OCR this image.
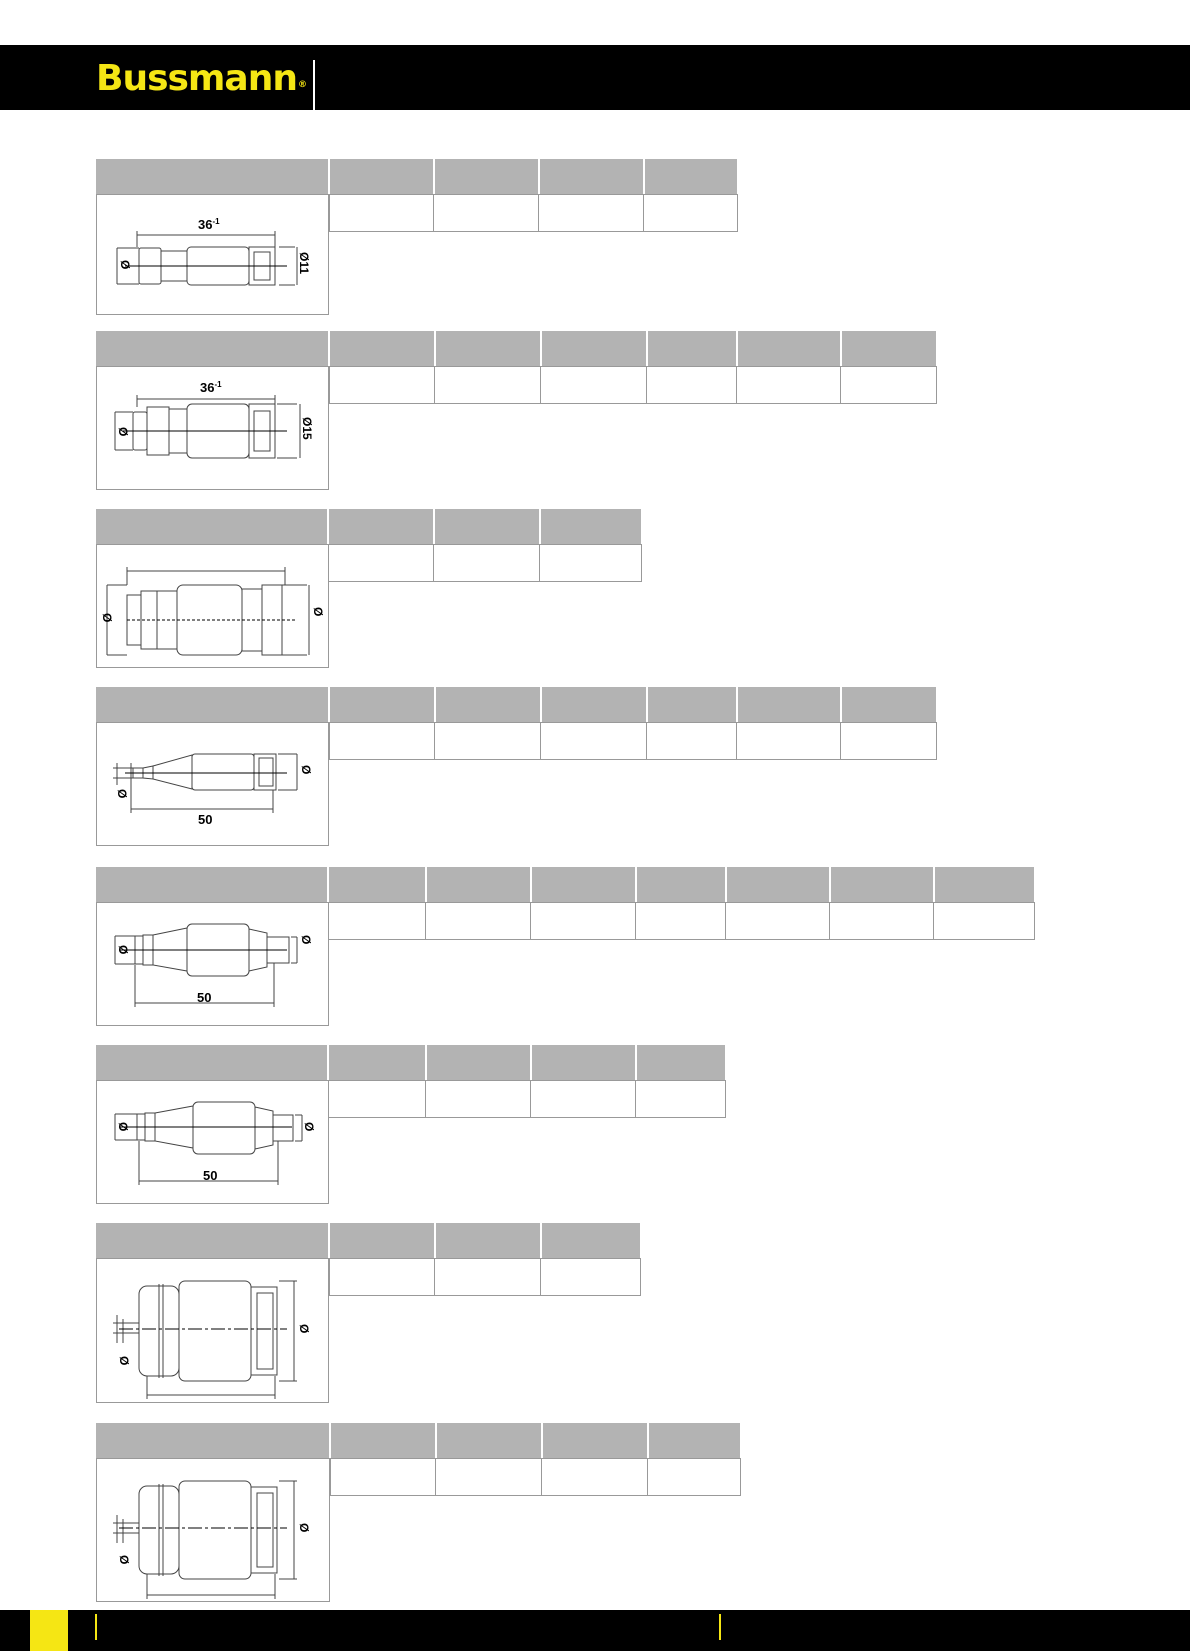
Bussmann®
$36^{-1}$
Ø	Ø11
$36^{-1}$
Ø	Ø15
Ø
Ø
Ø
Ø
50
Ø
Ø
50
Ø	Ø
50
Ø
Ø
Ø
Ø
